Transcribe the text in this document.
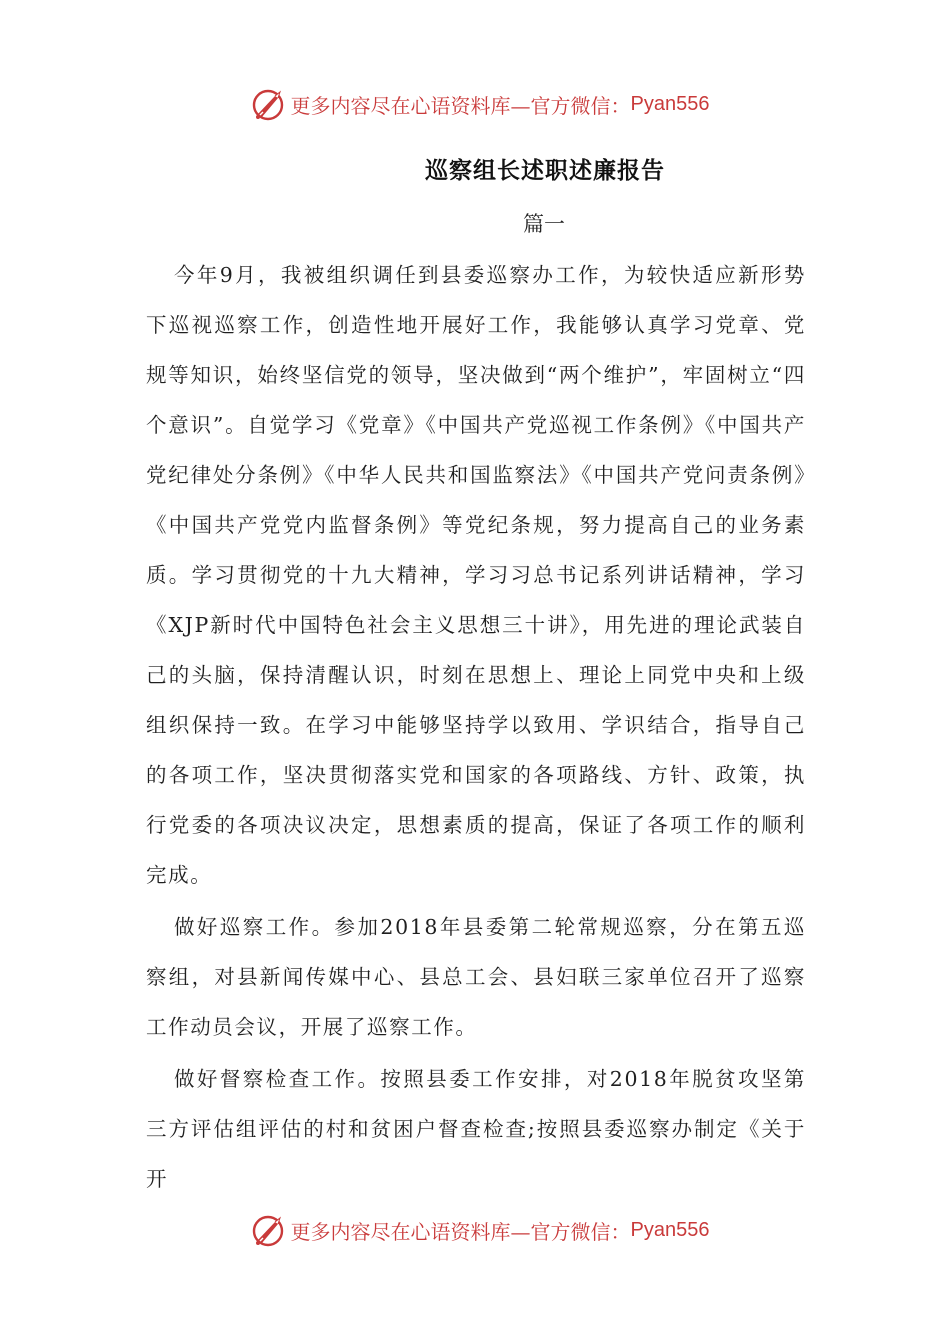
更多内容尽在心语资料库—官方微信： Pyan556
巡察组长述职述廉报告
篇一

今年9月，我被组织调任到县委巡察办工作，为较快适应新形势下巡视巡察工作，创造性地开展好工作，我能够认真学习党章、党规等知识，始终坚信党的领导，坚决做到“两个维护”，牢固树立“四个意识”。自觉学习《党章》《中国共产党巡视工作条例》《中国共产党纪律处分条例》《中华人民共和国监察法》《中国共产党问责条例》《中国共产党党内监督条例》等党纪条规，努力提高自己的业务素质。学习贯彻党的十九大精神，学习习总书记系列讲话精神，学习《XJP新时代中国特色社会主义思想三十讲》，用先进的理论武装自己的头脑，保持清醒认识，时刻在思想上、理论上同党中央和上级组织保持一致。在学习中能够坚持学以致用、学识结合，指导自己的各项工作，坚决贯彻落实党和国家的各项路线、方针、政策，执行党委的各项决议决定，思想素质的提高，保证了各项工作的顺利完成。

做好巡察工作。参加2018年县委第二轮常规巡察，分在第五巡察组，对县新闻传媒中心、县总工会、县妇联三家单位召开了巡察工作动员会议，开展了巡察工作。

做好督察检查工作。按照县委工作安排，对2018年脱贫攻坚第三方评估组评估的村和贫困户督查检查;按照县委巡察办制定《关于开

更多内容尽在心语资料库—官方微信： Pyan556
